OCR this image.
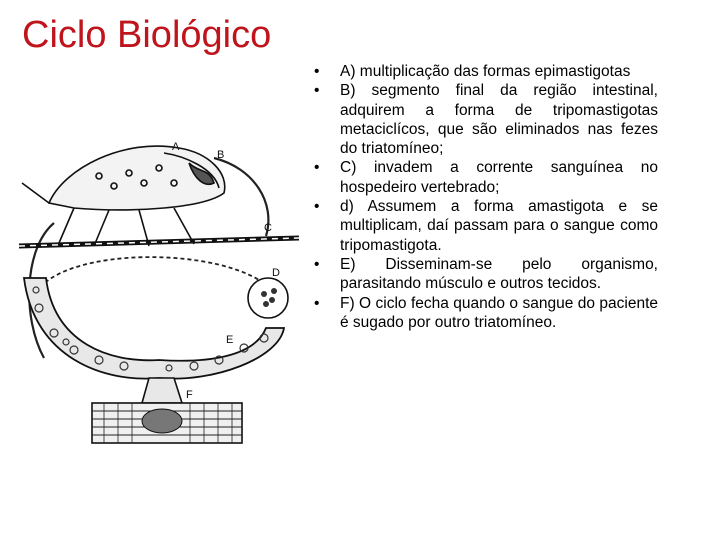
Ciclo Biológico
A
B
C
D
E
F
• A) multiplicação das formas epimastigotas
• B) segmento final da região intestinal, adquirem a forma de tripomastigotas metaciclícos, que são eliminados nas fezes do triatomíneo;
• C) invadem a corrente sanguínea no hospedeiro vertebrado;
• d) Assumem a forma amastigota e se multiplicam, daí passam para o sangue como tripomastigota.
• E) Disseminam-se pelo organismo, parasitando músculo e outros tecidos.
• F) O ciclo fecha quando o sangue do paciente é sugado por outro triatomíneo.
